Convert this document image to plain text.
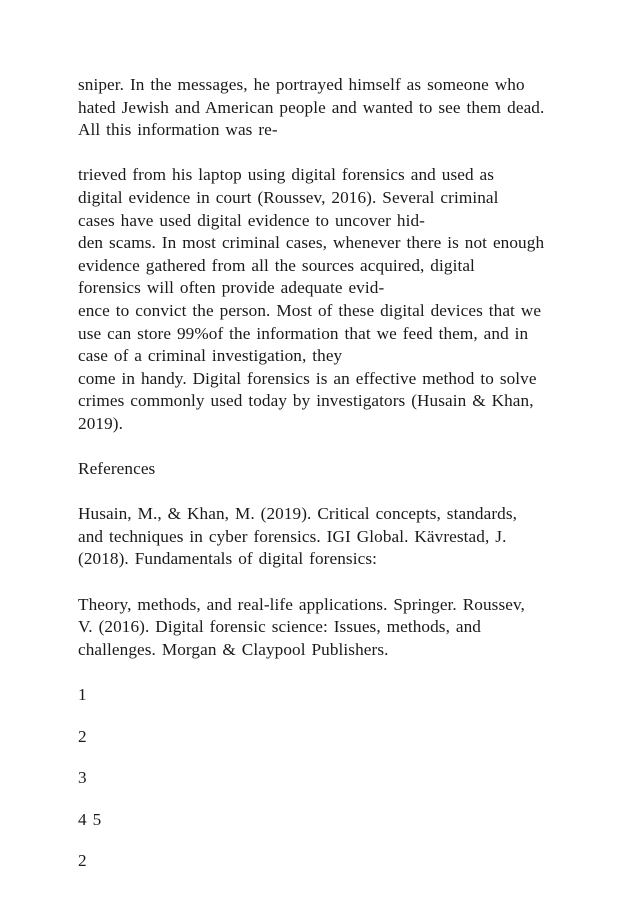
sniper. In the messages, he portrayed himself as someone who
hated Jewish and American people and wanted to see them dead.
All this information was re-
trieved from his laptop using digital forensics and used as
digital evidence in court (Roussev, 2016). Several criminal
cases have used digital evidence to uncover hid-
den scams. In most criminal cases, whenever there is not enough
evidence gathered from all the sources acquired, digital
forensics will often provide adequate evid-
ence to convict the person. Most of these digital devices that we
use can store 99%of the information that we feed them, and in
case of a criminal investigation, they
come in handy. Digital forensics is an effective method to solve
crimes commonly used today by investigators (Husain & Khan,
2019).
References
Husain, M., & Khan, M. (2019). Critical concepts, standards,
and techniques in cyber forensics. IGI Global. Kävrestad, J.
(2018). Fundamentals of digital forensics:
Theory, methods, and real-life applications. Springer. Roussev,
V. (2016). Digital forensic science: Issues, methods, and
challenges. Morgan & Claypool Publishers.
1
2
3
4 5
2
